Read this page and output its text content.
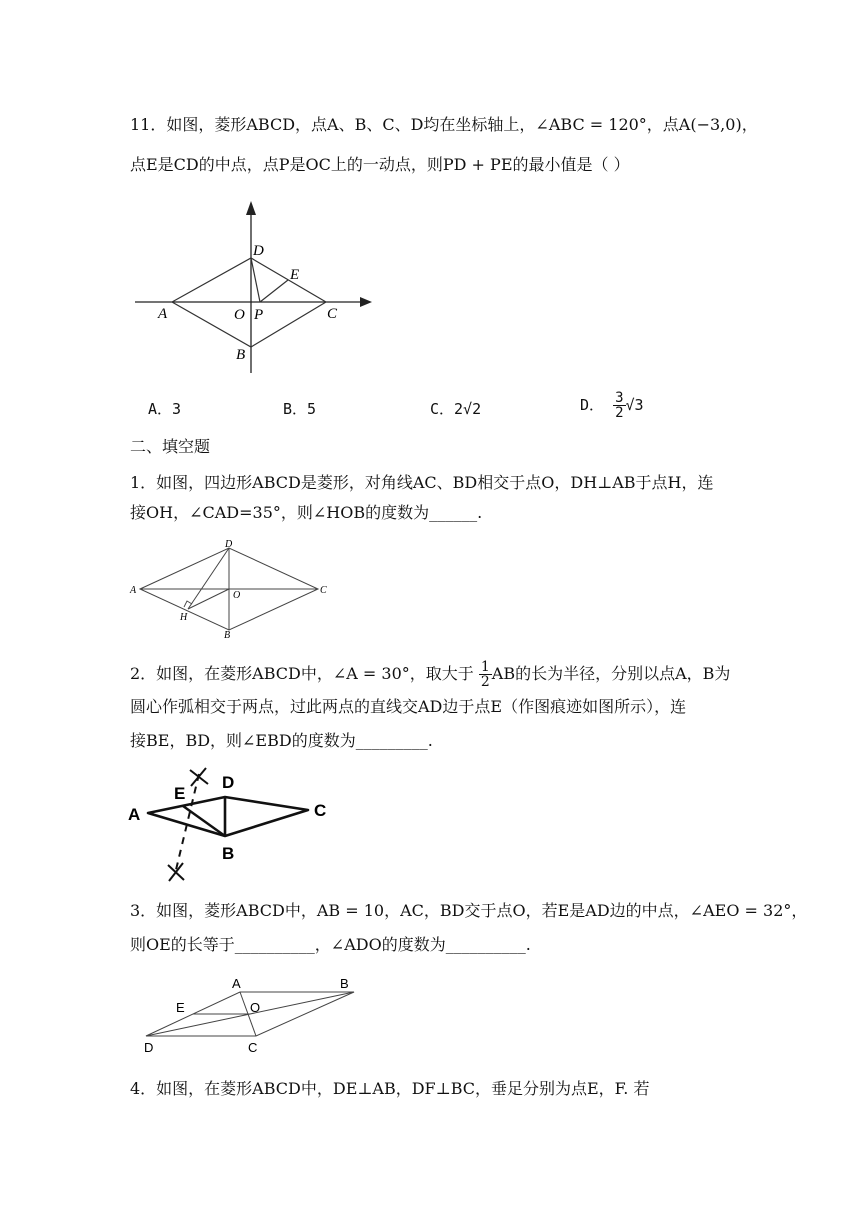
11．如图，菱形ABCD，点A、B、C、D均在坐标轴上，∠ABC = 120°，点A(−3,0)，
点E是CD的中点，点P是OC上的一动点，则PD + PE的最小值是（ ）
A
B
C
D
E
O P
A．3	B．5	C．2√2	D． $\frac{3}{2} √3$
二、填空题
1．如图，四边形ABCD是菱形，对角线AC、BD相交于点O，DH⊥AB于点H，连
接OH，∠CAD=35°，则∠HOB的度数为______.
A
B
C
D
H
O
2．如图，在菱形ABCD中，∠A = 30°，取大于 $\frac{1}{2}$ AB的长为半径，分别以点A，B为
圆心作弧相交于两点，过此两点的直线交AD边于点E（作图痕迹如图所示），连
接BE，BD，则∠EBD的度数为_________.
A
B
C
D
E
3．如图，菱形ABCD中，AB = 10，AC，BD交于点O，若E是AD边的中点，∠AEO = 32°，
则OE的长等于__________，∠ADO的度数为__________.
A	B
C
D
E	O
4．如图，在菱形ABCD中，DE⊥AB，DF⊥BC，垂足分别为点E，F. 若
